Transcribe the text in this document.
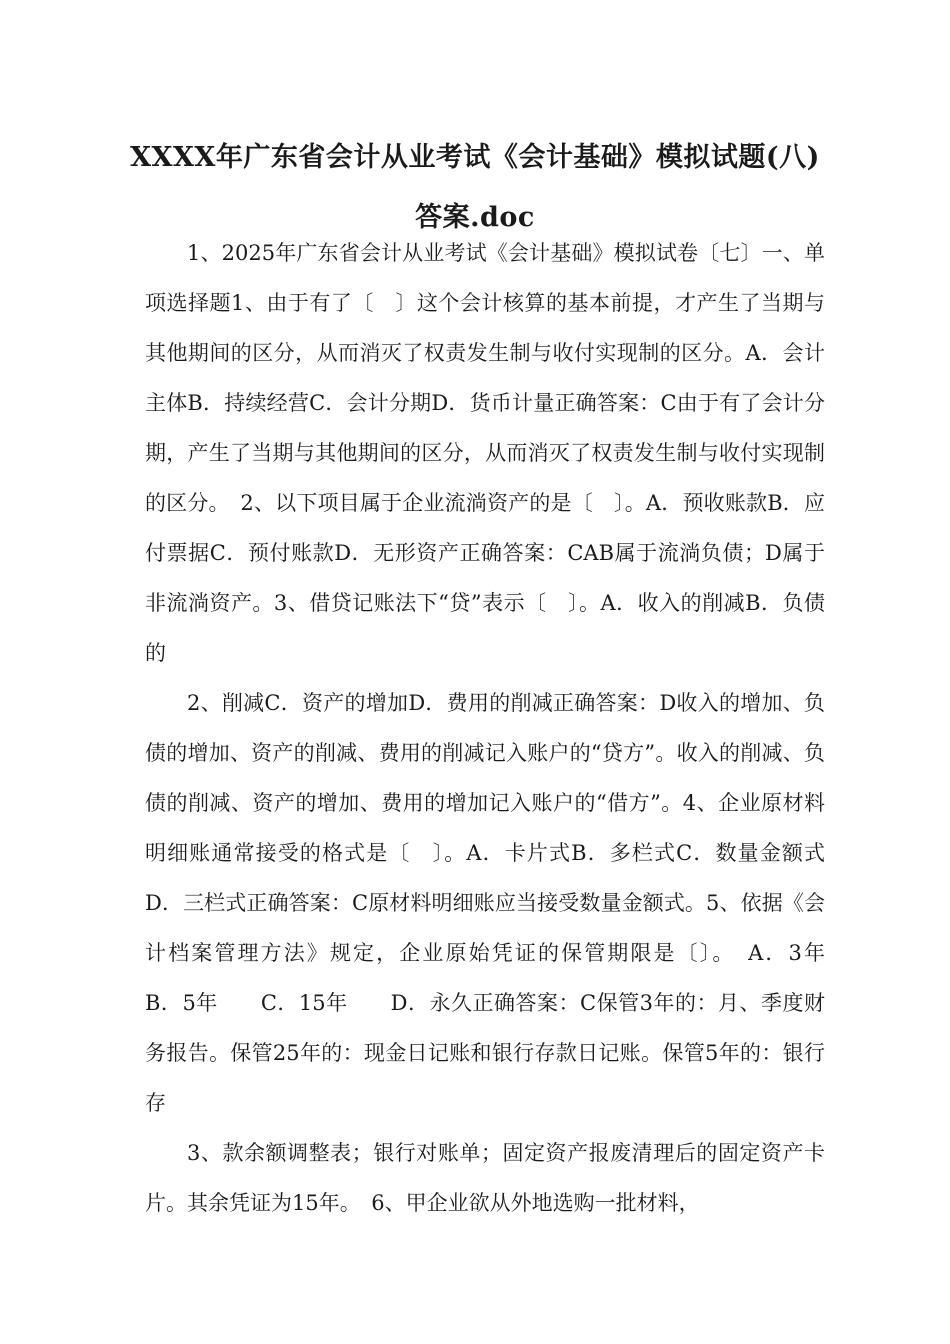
XXXX年广东省会计从业考试《会计基础》模拟试题(八)答案.doc

1、2025年广东省会计从业考试《会计基础》模拟试卷〔七〕一、单项选择题1、由于有了〔　〕这个会计核算的基本前提，才产生了当期与其他期间的区分，从而消灭了权责发生制与收付实现制的区分。A．会计主体B．持续经营C．会计分期D．货币计量正确答案：C由于有了会计分期，产生了当期与其他期间的区分，从而消灭了权责发生制与收付实现制的区分。　2、以下项目属于企业流淌资产的是〔　〕。A．预收账款B．应付票据C．预付账款D．无形资产正确答案：CAB属于流淌负债；D属于非流淌资产。3、借贷记账法下“贷”表示〔　〕。A．收入的削减B．负债的

2、削减C．资产的增加D．费用的削减正确答案：D收入的增加、负债的增加、资产的削减、费用的削减记入账户的“贷方”。收入的削减、负债的削减、资产的增加、费用的增加记入账户的“借方”。4、企业原材料明细账通常接受的格式是〔　〕。A．卡片式B．多栏式C．数量金额式D．三栏式正确答案：C原材料明细账应当接受数量金额式。5、依据《会计档案管理方法》规定，企业原始凭证的保管期限是〔〕。　A．3年　　B．5年　　C．15年　　D．永久正确答案：C保管3年的：月、季度财务报告。保管25年的：现金日记账和银行存款日记账。保管5年的：银行存

3、款余额调整表；银行对账单；固定资产报废清理后的固定资产卡片。其余凭证为15年。　6、甲企业欲从外地选购一批材料，
